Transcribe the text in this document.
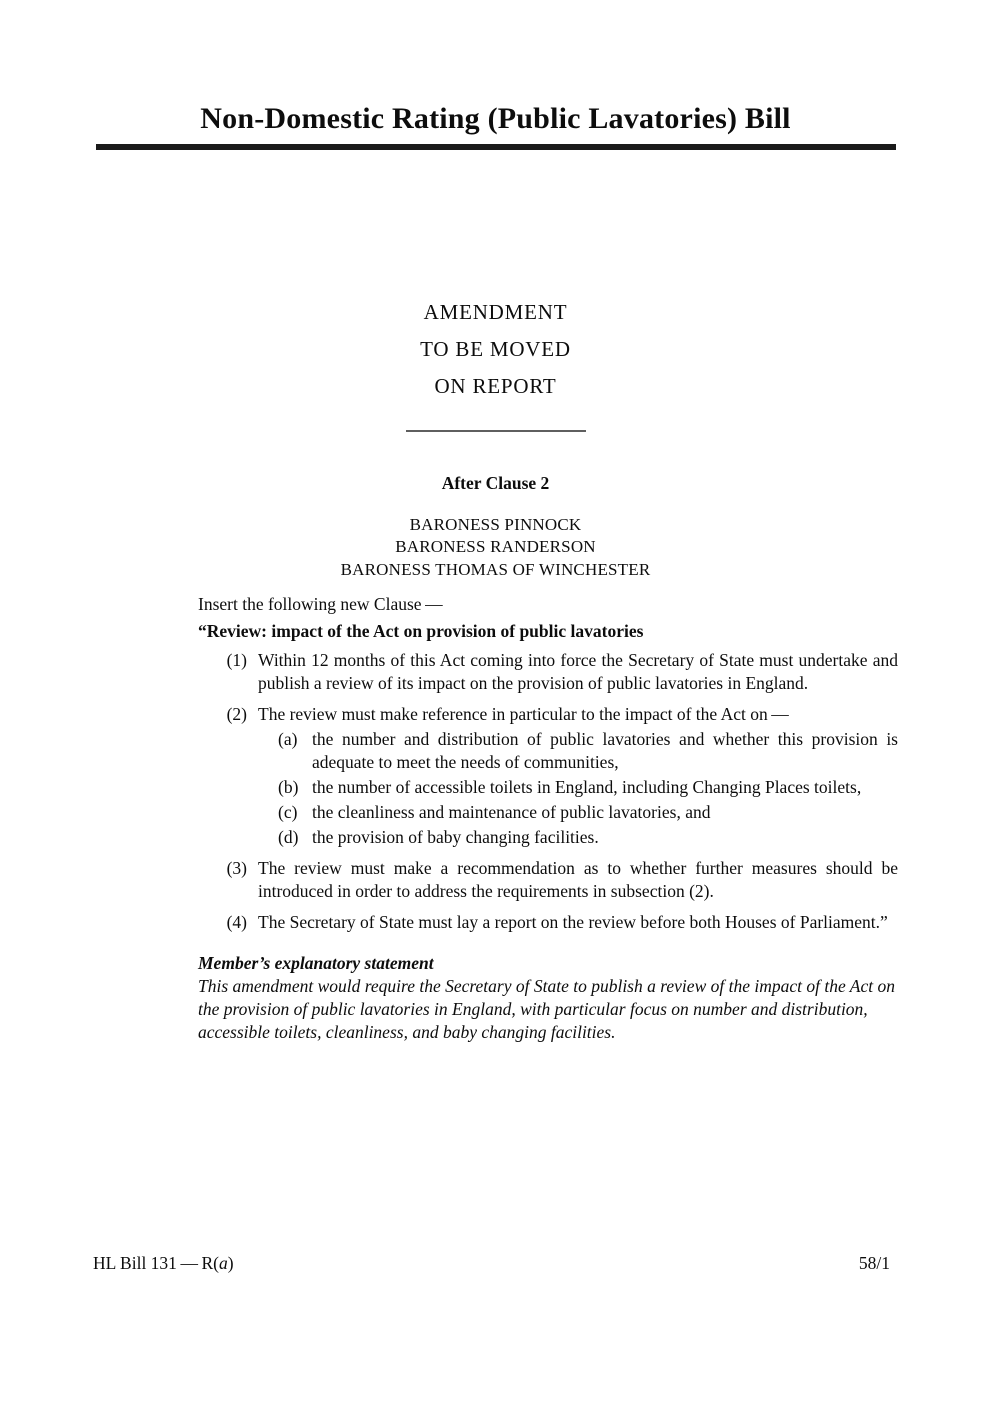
Non-Domestic Rating (Public Lavatories) Bill
AMENDMENT
TO BE MOVED
ON REPORT
After Clause 2
BARONESS PINNOCK
BARONESS RANDERSON
BARONESS THOMAS OF WINCHESTER

Insert the following new Clause —

“Review: impact of the Act on provision of public lavatories

(1) Within 12 months of this Act coming into force the Secretary of State must undertake and publish a review of its impact on the provision of public lavatories in England.
(2) The review must make reference in particular to the impact of the Act on —
(a) the number and distribution of public lavatories and whether this provision is adequate to meet the needs of communities,
(b) the number of accessible toilets in England, including Changing Places toilets,
(c) the cleanliness and maintenance of public lavatories, and
(d) the provision of baby changing facilities.
(3) The review must make a recommendation as to whether further measures should be introduced in order to address the requirements in subsection (2).
(4) The Secretary of State must lay a report on the review before both Houses of Parliament.”

Member’s explanatory statement

This amendment would require the Secretary of State to publish a review of the impact of the Act on the provision of public lavatories in England, with particular focus on number and distribution, accessible toilets, cleanliness, and baby changing facilities.

HL Bill 131 — R(a)	58/1
